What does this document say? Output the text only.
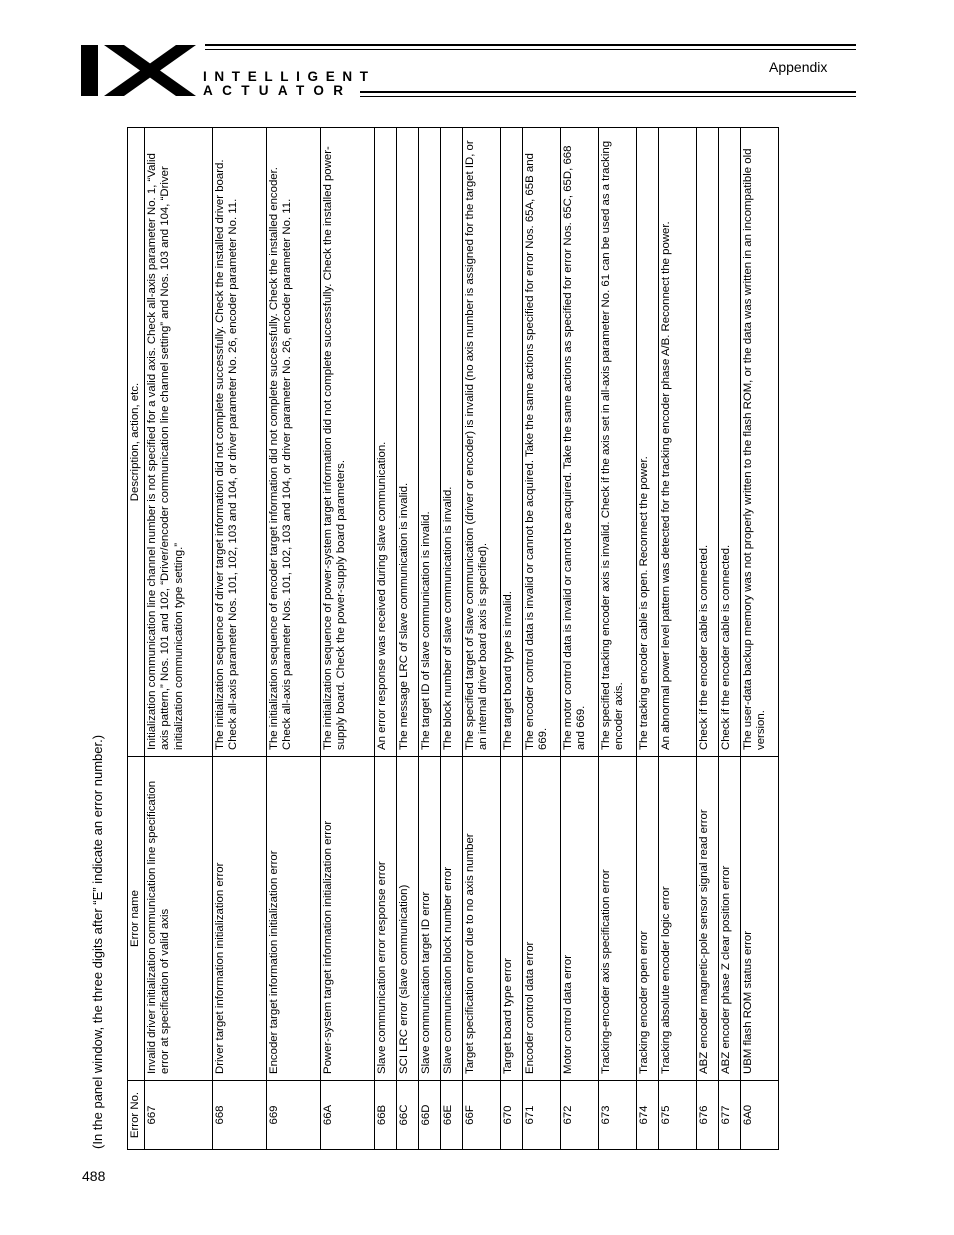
INTELLIGENT
ACTUATOR
Appendix
488
(In the panel window, the three digits after “E” indicate an error number.)	Error No.	Error name	Description, action, etc.
667	Invalid driver initialization communication line specification error at specification of valid axis	Initialization communication line channel number is not specified for a valid axis. Check all-axis parameter No. 1, “Valid axis pattern,” Nos. 101 and 102, “Driver/encoder communication line channel setting” and Nos. 103 and 104, “Driver initialization communication type setting.”
668	Driver target information initialization error	The initialization sequence of driver target information did not complete successfully. Check the installed driver board. Check all-axis parameter Nos. 101, 102, 103 and 104, or driver parameter No. 26, encoder parameter No. 11.
669	Encoder target information initialization error	The initialization sequence of encoder target information did not complete successfully. Check the installed encoder. Check all-axis parameter Nos. 101, 102, 103 and 104, or driver parameter No. 26, encoder parameter No. 11.
66A	Power-system target information initialization error	The initialization sequence of power-system target information did not complete successfully. Check the installed power-supply board. Check the power-supply board parameters.
66B	Slave communication error response error	An error response was received during slave communication.
66C	SCI LRC error (slave communication)	The message LRC of slave communication is invalid.
66D	Slave communication target ID error	The target ID of slave communication is invalid.
66E	Slave communication block number error	The block number of slave communication is invalid.
66F	Target specification error due to no axis number	The specified target of slave communication (driver or encoder) is invalid (no axis number is assigned for the target ID, or an internal driver board axis is specified).
670	Target board type error	The target board type is invalid.
671	Encoder control data error	The encoder control data is invalid or cannot be acquired. Take the same actions specified for error Nos. 65A, 65B and 669.
672	Motor control data error	The motor control data is invalid or cannot be acquired. Take the same actions as specified for error Nos. 65C, 65D, 668 and 669.
673	Tracking-encoder axis specification error	The specified tracking encoder axis is invalid. Check if the axis set in all-axis parameter No. 61 can be used as a tracking encoder axis.
674	Tracking encoder open error	The tracking encoder cable is open. Reconnect the power.
675	Tracking absolute encoder logic error	An abnormal power level pattern was detected for the tracking encoder phase A/B. Reconnect the power.
676	ABZ encoder magnetic-pole sensor signal read error	Check if the encoder cable is connected.
677	ABZ encoder phase Z clear position error	Check if the encoder cable is connected.
6A0	UBM flash ROM status error	The user-data backup memory was not properly written to the flash ROM, or the data was written in an incompatible old version.
